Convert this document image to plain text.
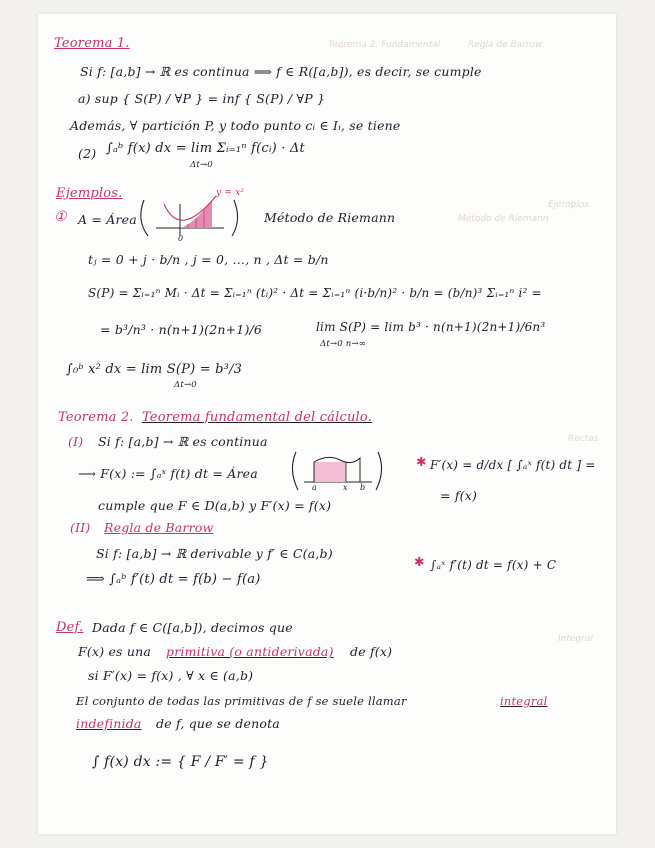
Teorema 2. Fundamental	Regla de Barrow
Ejemplos
Método de Riemann
Integral
Rectas
Teorema 1.
Si f: [a,b] → ℝ es continua ⟹ f ∈ R([a,b]), es decir, se cumple
a) sup { S(P) / ∀P } = inf { S(P) / ∀P }
Además, ∀ partición P, y todo punto cᵢ ∈ Iᵢ, se tiene
(2) ∫ₐᵇ f(x) dx = lim Σᵢ₌₁ⁿ f(cᵢ) · Δt
Δt→0
Ejemplos.
① A = Área
y = x²
0
Método de Riemann
tⱼ = 0 + j · b/n , j = 0, …, n , Δt = b/n
S(P) = Σᵢ₌₁ⁿ Mᵢ · Δt = Σᵢ₌₁ⁿ (tᵢ)² · Δt = Σᵢ₌₁ⁿ (i·b/n)² · b/n = (b/n)³ Σᵢ₌₁ⁿ i² =
= b³/n³ · n(n+1)(2n+1)/6	lim S(P) = lim b³ · n(n+1)(2n+1)/6n³
Δt→0 n→∞
∫₀ᵇ x² dx = lim S(P) = b³/3
Δt→0
Teorema 2. Teorema fundamental del cálculo.
(I) Si f: [a,b] → ℝ es continua
⟶ F(x) := ∫ₐˣ f(t) dt = Área
a	x b
cumple que F ∈ D(a,b) y F′(x) = f(x)
✱ F′(x) = d/dx [ ∫ₐˣ f(t) dt ] =
= f(x)
(II) Regla de Barrow
Si f: [a,b] → ℝ derivable y f′ ∈ C(a,b)
⟹ ∫ₐᵇ f′(t) dt = f(b) − f(a)
✱ ∫ₐˣ f′(t) dt = f(x) + C
Def. Dada f ∈ C([a,b]), decimos que
F(x) es una primitiva (o antiderivada) de f(x)
si F′(x) = f(x) , ∀ x ∈ (a,b)
El conjunto de todas las primitivas de f se suele llamar	integral
indefinida de f, que se denota
∫ f(x) dx := { F / F′ = f }
